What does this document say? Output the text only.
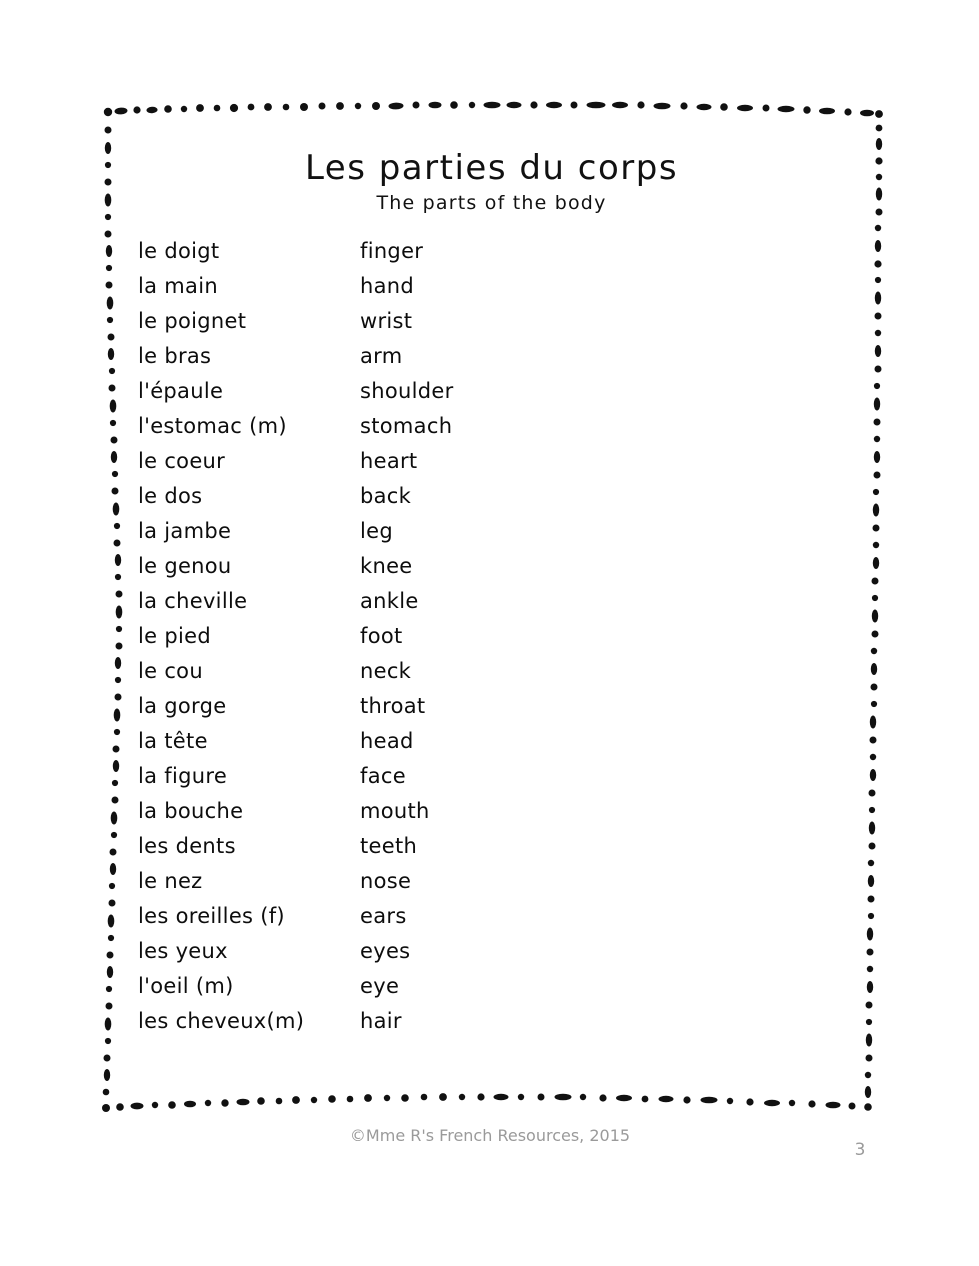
Les parties du corps
The parts of the body
le doigt	finger
la main	hand
le poignet	wrist
le bras	arm
l'épaule	shoulder
l'estomac (m)	stomach
le coeur	heart
le dos	back
la jambe	leg
le genou	knee
la cheville	ankle
le pied	foot
le cou	neck
la gorge	throat
la tête	head
la figure	face
la bouche	mouth
les dents	teeth
le nez	nose
les oreilles (f)	ears
les yeux	eyes
l'oeil (m)	eye
les cheveux(m)	hair
©Mme R's French Resources, 2015
3
